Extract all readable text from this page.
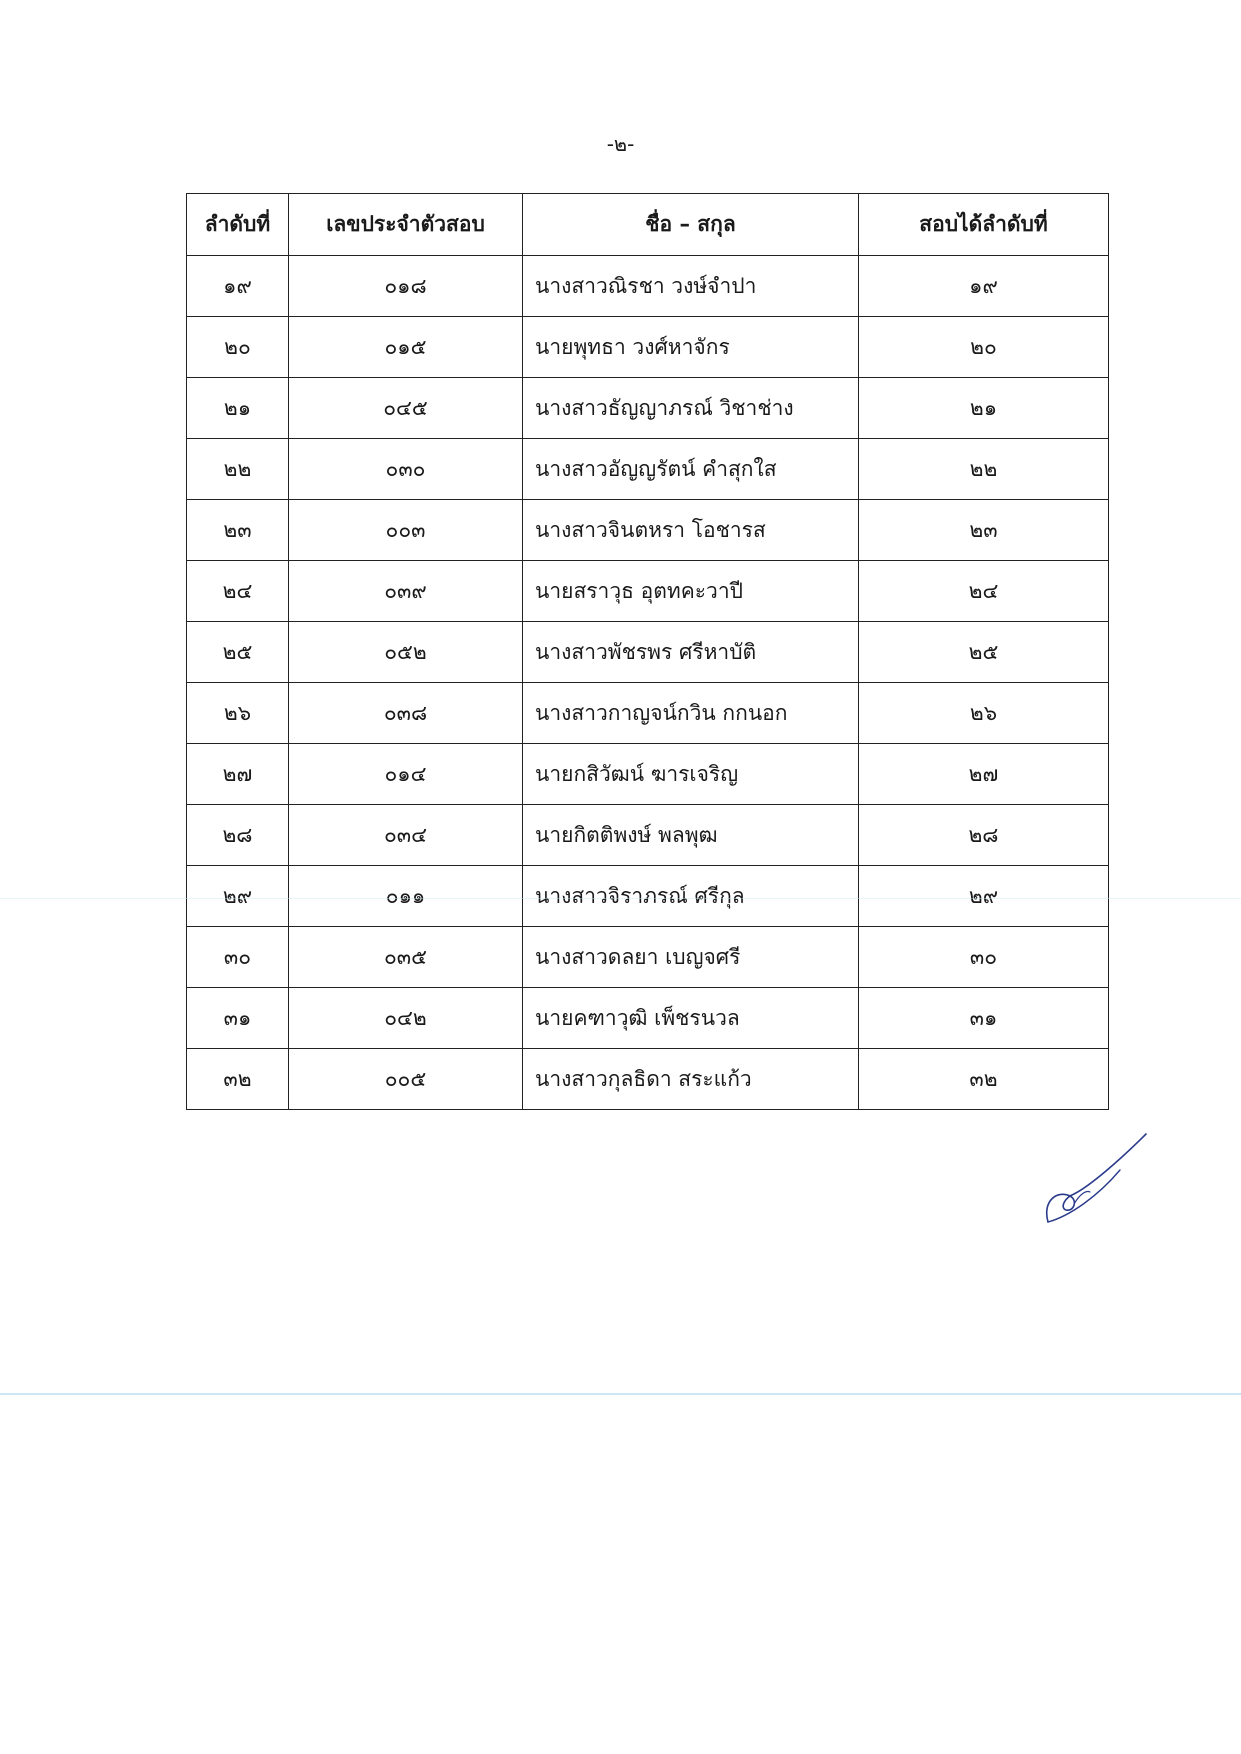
-๒-
ลำดับที่	เลขประจำตัวสอบ	ชื่อ – สกุล	สอบได้ลำดับที่
๑๙	๐๑๘	นางสาวณิรชา วงษ์จำปา	๑๙
๒๐	๐๑๕	นายพุทธา วงศ์หาจักร	๒๐
๒๑	๐๔๕	นางสาวธัญญาภรณ์ วิชาช่าง	๒๑
๒๒	๐๓๐	นางสาวอัญญรัตน์ คำสุกใส	๒๒
๒๓	๐๐๓	นางสาวจินตหรา โอชารส	๒๓
๒๔	๐๓๙	นายสราวุธ อุตทคะวาปี	๒๔
๒๕	๐๕๒	นางสาวพัชรพร ศรีหาบัติ	๒๕
๒๖	๐๓๘	นางสาวกาญจน์กวิน กกนอก	๒๖
๒๗	๐๑๔	นายกสิวัฒน์ ฆารเจริญ	๒๗
๒๘	๐๓๔	นายกิตติพงษ์ พลพุฒ	๒๘
๒๙	๐๑๑	นางสาวจิราภรณ์ ศรีกุล	๒๙
๓๐	๐๓๕	นางสาวดลยา เบญจศรี	๓๐
๓๑	๐๔๒	นายคฑาวุฒิ เพ็ชรนวล	๓๑
๓๒	๐๐๕	นางสาวกุลธิดา สระแก้ว	๓๒
